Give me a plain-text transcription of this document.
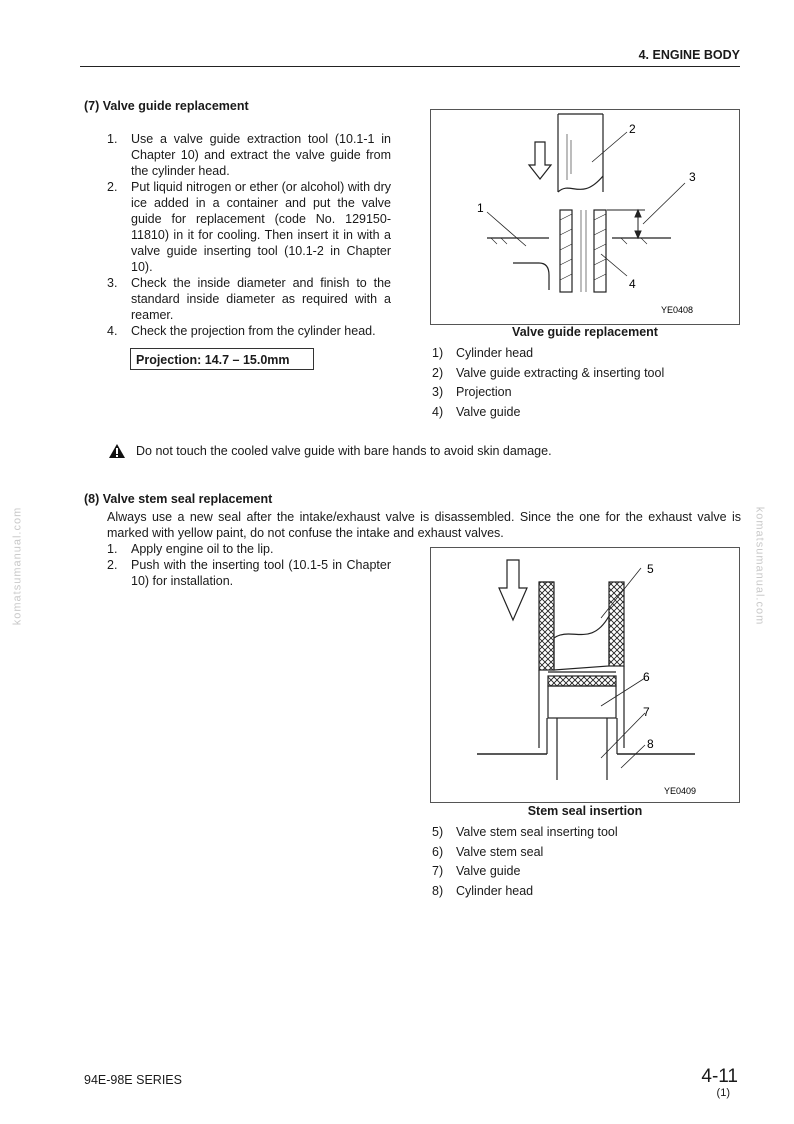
4. ENGINE BODY
komatsumanual.com	komatsumanual.com
(7) Valve guide replacement
1. Use a valve guide extraction tool (10.1-1 in Chapter 10) and extract the valve guide from the cylinder head.
2. Put liquid nitrogen or ether (or alcohol) with dry ice added in a container and put the valve guide for replacement (code No. 129150-11810) in it for cooling. Then insert it in with a valve guide inserting tool (10.1-2 in Chapter 10).
3. Check the inside diameter and finish to the standard inside diameter as required with a reamer.
4. Check the projection from the cylinder head.
Projection: 14.7 – 15.0mm
1
2
3
4
YE0408
Valve guide replacement
1)	Cylinder head
2)	Valve guide extracting & inserting tool
3)	Projection
4)	Valve guide
Do not touch the cooled valve guide with bare hands to avoid skin damage.
(8) Valve stem seal replacement
Always use a new seal after the intake/exhaust valve is disassembled. Since the one for the exhaust valve is marked with yellow paint, do not confuse the intake and exhaust valves.
1. Apply engine oil to the lip.
2. Push with the inserting tool (10.1-5 in Chapter 10) for installation.
5
6
7
8
YE0409
Stem seal insertion
5)	Valve stem seal inserting tool
6)	Valve stem seal
7)	Valve guide
8)	Cylinder head
94E-98E SERIES	4-11
(1)
